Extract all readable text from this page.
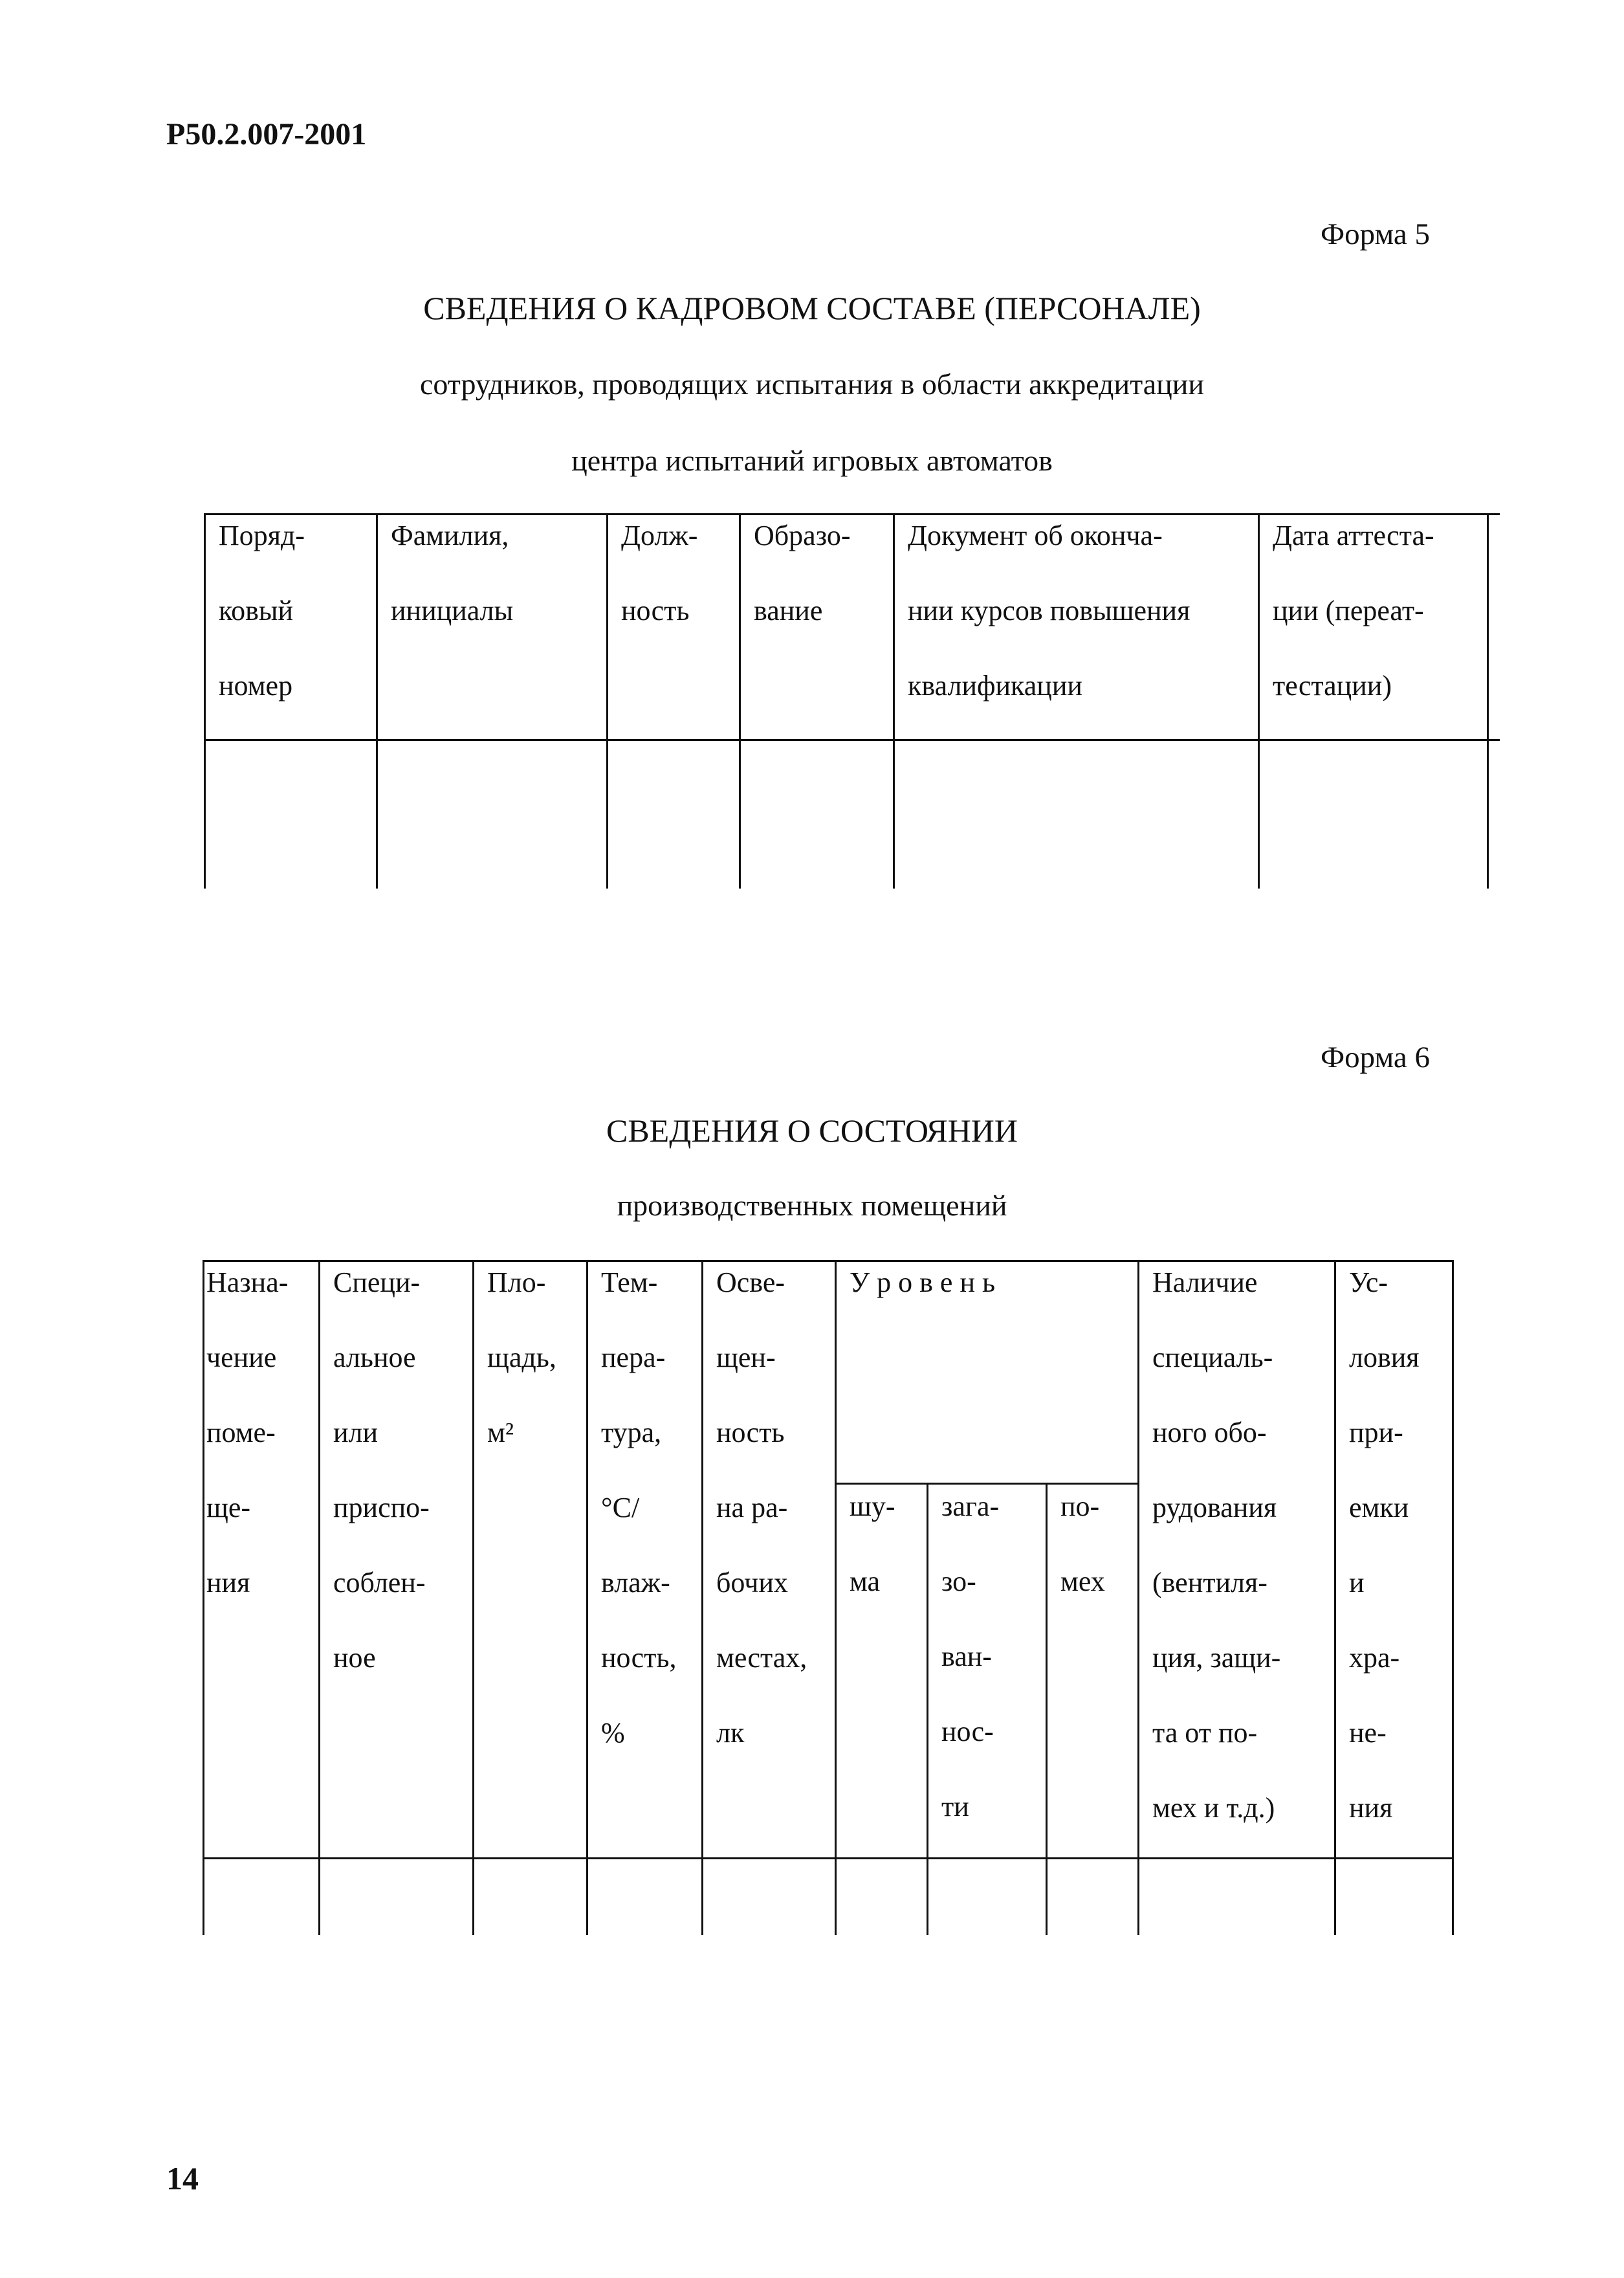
Р50.2.007-2001
Форма 5
СВЕДЕНИЯ О КАДРОВОМ СОСТАВЕ (ПЕРСОНАЛЕ)
сотрудников, проводящих испытания в области аккредитации
центра испытаний игровых автоматов
Поряд-
ковый
номер
Фамилия,
инициалы
Долж-
ность
Образо-
вание
Документ об оконча-
нии курсов повышения
квалификации
Дата аттеста-
ции (переат-
тестации)
Форма 6
СВЕДЕНИЯ О СОСТОЯНИИ
производственных помещений
Назна-
чение
поме-
ще-
ния
Специ-
альное
или
приспо-
соблен-
ное
Пло-
щадь,
м²
Тем-
пера-
тура,
°С/
влаж-
ность,
%
Осве-
щен-
ность
на ра-
бочих
местах,
лк
У р о в е н ь
шу-
ма
зага-
зо-
ван-
нос-
ти
по-
мех
Наличие
специаль-
ного обо-
рудования
(вентиля-
ция, защи-
та от по-
мех и т.д.)
Ус-
ловия
при-
емки
и
хра-
не-
ния
14
